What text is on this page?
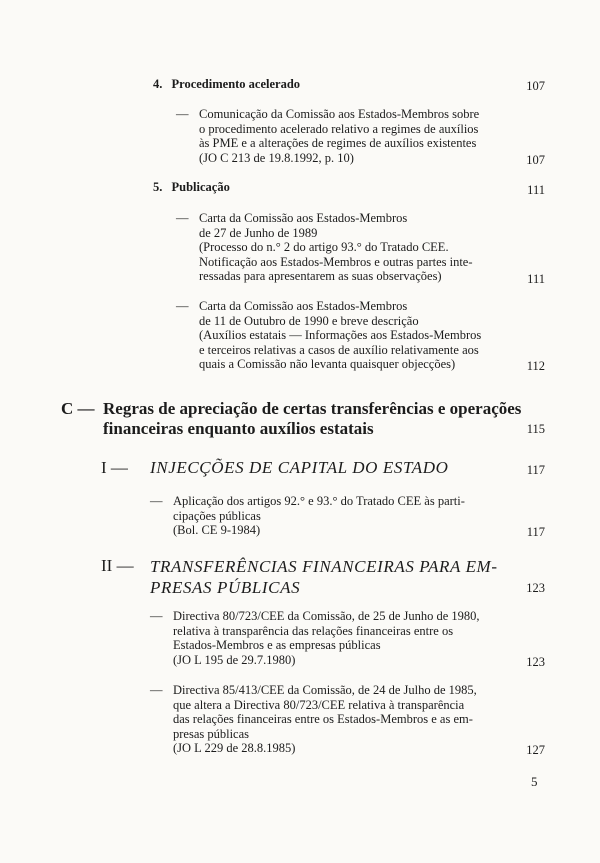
4. Procedimento acelerado	107
— Comunicação da Comissão aos Estados-Membros sobre
o procedimento acelerado relativo a regimes de auxílios
às PME e a alterações de regimes de auxílios existentes
(JO C 213 de 19.8.1992, p. 10)	107
5. Publicação	111
— Carta da Comissão aos Estados-Membros
de 27 de Junho de 1989
(Processo do n.° 2 do artigo 93.° do Tratado CEE.
Notificação aos Estados-Membros e outras partes inte-
ressadas para apresentarem as suas observações)	111
— Carta da Comissão aos Estados-Membros
de 11 de Outubro de 1990 e breve descrição
(Auxílios estatais — Informações aos Estados-Membros
e terceiros relativas a casos de auxílio relativamente aos
quais a Comissão não levanta quaisquer objecções)	112
C — Regras de apreciação de certas transferências e operações
financeiras enquanto auxílios estatais	115
I — INJECÇÕES DE CAPITAL DO ESTADO	117
— Aplicação dos artigos 92.° e 93.° do Tratado CEE às parti-
cipações públicas
(Bol. CE 9-1984)	117
II — TRANSFERÊNCIAS FINANCEIRAS PARA EM-
PRESAS PÚBLICAS	123
— Directiva 80/723/CEE da Comissão, de 25 de Junho de 1980,
relativa à transparência das relações financeiras entre os
Estados-Membros e as empresas públicas
(JO L 195 de 29.7.1980)	123
— Directiva 85/413/CEE da Comissão, de 24 de Julho de 1985,
que altera a Directiva 80/723/CEE relativa à transparência
das relações financeiras entre os Estados-Membros e as em-
presas públicas
(JO L 229 de 28.8.1985)	127
5
